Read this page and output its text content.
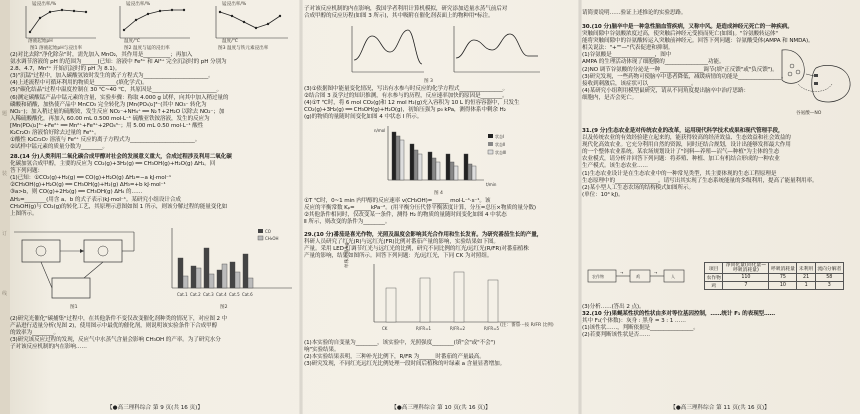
题
装
订
线
溶液起始pH	温度/℃	温度/℃
锰浸出率/%	锰浸出率/%	锰浸出率/%
图1 溶液起始pH与浸出率	图2 温度与锰的浸出率	图3 温度与铁元素浸出率
(2)对比去除"净化除杂"时，需先加入 MnO₂，其作用是__________；再加入
氨水调节溶液的 pH 的范围为______(已知：溶液中 Fe³⁺ 和 Al³⁺ 完全沉淀时的 pH 分别为
2.8、4.7，Mn²⁺ 开始沉淀时的 pH 为 8.1)。
(3)"沉锰"过程中，加入碳酸氢铵时发生的离子方程式为________________________。
(4)上述流程中可循环利用的物质是________(填化学式)。
(5)"碳化结晶"过程中温度控制在 30 ℃~40 ℃，其原因是________________________。
(6)测定碳酸锰产品中锰元素的含量，实验步骤：称取 4.000 g 试样，向其中加入稍过量的
磷酸和硝酸，加热使产品中 MnCO₃ 完全转化为 [Mn(PO₄)₂]³⁻(其中 NO₃⁻ 转化为
NO₂⁻)；加入稍过量的硫酸铵，发生反应 NO₂⁻+NH₄⁺ ══ N₂↑+2H₂O 以除去 NO₂⁻；加
入稀硫酸酸化，再加入 60.00 mL 0.500 mol·L⁻¹ 硫酸亚铁铵溶液，发生的反应为
[Mn(PO₄)₂]³⁻+Fe²⁺ ══ Mn²⁺+Fe³⁺+2PO₄³⁻；用 5.00 mL 0.50 mol·L⁻¹ 酸性
K₂Cr₂O₇ 溶液恰好除去过量的 Fe²⁺。
①酸性 K₂Cr₂O₇ 溶液与 Fe²⁺ 反应的离子方程式为________________________。
②试样中锰元素的质量分数为________。
28.(14 分)人类利用二氧化碳合成甲醇对社会的发展意义重大，合成过程涉及利用二氧化碳
化碳加氢合成甲醇，主要的反应为 CO₂(g)+3H₂(g) ══ CH₃OH(g)+H₂O(g) ΔH₁。回
答下列问题：
(1)已知：①CO₂(g)+H₂(g) ══ CO(g)+H₂O(g) ΔH₂=−a kJ·mol⁻¹
②CH₃OH(g)+H₂O(g) ══ CH₃OH(g)+H₂(g) ΔH₃=+b kJ·mol⁻¹
③a>b，则 CO(g)+2H₂(g) ══ CH₃OH(g) ΔH₄ 的……
ΔH₁=________(用含 a、b 的式子表示)kJ·mol⁻¹。某研究小组设计合成
CH₃OH(g)与 CO₂(g)的转化工艺，其原理示意图如图 1 所示，则该分解过程的能量变化如
上图所示。
图1
Cat.1 Cat.2 Cat.3 Cat.4 Cat.5 Cat.6
CO
CH₃OH
图2
(2)研究光催化"碳捕集"过程中，在其他条件不变仅改变催化剂种类的情况下，对应图 2 中
产品进行适量分析(见图 2)，使用图示中最优的催化剂，则说明该实验条件下合成甲醇
的效率为________。
(3)研究该反应过程的发现，反应气中水蒸气含量会影响 CH₃OH 的产率。为了研究水分
子对该反应机制的内在影响……
【●高三理科综合 第 9 页(共 16 页)】
子对该反应机制的内在影响，我国学者利用计算机模拟，研究添加适量水蒸气前后对
合成甲醇的反应历程(如图 3 所示)，其中吸附在催化剂表面上的物种用*标注。
图 3
(3)①依据图中能量变化情况，写出有水参与时反应的化学方程式________________。
②结合图 3 及学过的知识推测，有水参与的历程，反应速率加快的原因是________。
(4)①T ℃时，将 6 mol CO₂(g)和 12 mol H₂(g)充入容积为 10 L 的恒容容器中，只发生
CO₂(g)+3H₂(g) ══ CH₃OH(g)+H₂O(g)，初始压强为 p₀ kPa，测得体系中剩余 H₂
(g)的物质的量随时间变化如图 4 中状态 Ⅰ 所示。
状态Ⅰ
状态Ⅱ
状态Ⅲ
n/mol
t/min
图 4
①T ℃时，0~1 min 内甲醇的反应速率 v(CH₃OH)=______ mol·L⁻¹·s⁻¹。该
反应的平衡常数 Kₚ=______kPa⁻²。(用平衡分压代替平衡浓度计算，分压=总压×物质的量分数)
②其他条件相同时，仅改变某一条件，测得 H₂ 的物质的量随时间变化如图 4 中状态
Ⅱ 所示，则改变的条件为________。
29.(10 分)番茄是喜光作物，光照及温度会影响其光合作用和生长发育。为研究番茄生长的产量，
科研人员研究了红光(R)与远红光(FR)比例对番茄产量的影响，实验结果如下图。
产量。采用 LED 灯调节红光与远红光的比例，研究不同比例的红光/远红光(R/FR)对番茄植株
产量的影响，结果如图所示。回答下列问题：光/远红光，下同 CK 为对照组。
CK	R/FR=1	R/FR=2	R/FR=5
单株产量/kg
(注：番茄···按 R/FR 比例)
(1)本实验的自变量为________，该实验中，光照强度________(填"会"或"不会")
响"实验结果。
(2)本实验结果表明，三种补光比例下，R/FR 为______时番茄的产量最高。
(3)研究发现，不同红光远红光比例处理一段时间后植株的叶绿素 a 含量显著增加。
【●高三理科综合 第 10 页(共 16 页)】
请简要说明……验证上述推论的实验思路。
30.(10 分)脑卒中是一种急性脑血管疾病，又称中风。是造成神经元死亡的一种疾病。
突触间隙中谷氨酸浓度过高，使突触后神经元受损而死亡(如图)。"谷氨酸转运体"
能将突触间隙中的谷氨酸转运入突触前神经元。回答下列问题：谷氨酸受体(AMPA 和 NMDA)。
相关说法："+""—"代表促进和抑制。
(1)谷氨酸是________________，图中
AMPA 的生理活动体现了细胞膜的________________功能。
(2)NO 调节谷氨酸的分泌是一种________________调节(填"正反馈"或"负反馈")。
(3)研究发现，一些药物可使脑卒中患者降低，减缓病情的功能是________________。
接收到刺激后，该症状可以________________。
(4)某研究小组利用模型鼠研究，请从不同角度提出脑卒中治疗思路：
细胞内，是否会死亡。
谷氨酸—NO
31.(9 分)生态农业是对传统农业的改革，运用现代科学技术成果和现代管理手段，
以及传统农业的有效经验建立起来的，能获得较高的经济效益、生态效益和社会效益的
现代化高效农业。它充分利用自然的资源，同时还结合规划，设计出能够发挥最大作用
的一个整体农业系统。某农场规划设计了"饲料—养殖—沼气—种植"为主体的生态
农业模式，请分析并回答下列问题：将养殖、种植、加工有机结合形成的一种农业
生产模式。该生态农业……
(1)生态农业设计是在生态农业中的一种常见类型，其主要体现的生态工程原理是
生态原理中的________________。请写出其实现了生态系统能量的多级利用，提高了能量利用率。
(2)某小型人工生态农场的结构模式如图所示。
(单位：10⁴ kJ)。
农作物	鸡	人
→	→
项目	净同化量(同化量—呼吸消耗量)	呼吸消耗量	未利用	流向分解者
农作物	110	75	21	58
鸡	7	10	1	3
(3)分析……(答出 2 点)。
32.(10 分)果蝇某性状的性状由多对等位基因控制，……统计 F₁ 的表现型……
其中 F₁(个体数)：灰身 : 黑身 = 3 : 1 ……
(1)该性状……，判断依据是________________。
(2)若要判断该性状是否……
【●高三理科综合 第 11 页(共 16 页)】
